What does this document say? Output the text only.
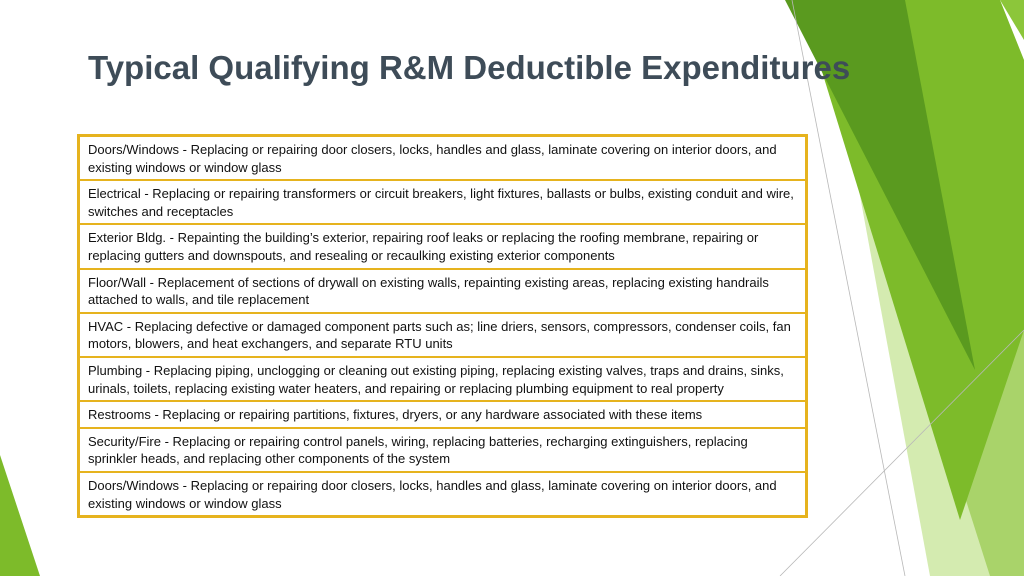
Typical Qualifying R&M Deductible Expenditures
Doors/Windows - Replacing or repairing door closers, locks, handles and glass, laminate covering on interior doors, and existing windows or window glass
Electrical - Replacing or repairing transformers or circuit breakers, light fixtures, ballasts or bulbs, existing conduit and wire, switches and receptacles
Exterior Bldg. - Repainting the building’s exterior, repairing roof leaks or replacing the roofing membrane, repairing or replacing gutters and downspouts, and resealing or recaulking existing exterior components
Floor/Wall - Replacement of sections of drywall on existing walls, repainting existing areas, replacing existing handrails attached to walls, and tile replacement
HVAC - Replacing defective or damaged component parts such as; line driers, sensors, compressors, condenser coils, fan motors, blowers, and heat exchangers, and separate RTU units
Plumbing - Replacing piping, unclogging or cleaning out existing piping, replacing existing valves, traps and drains, sinks, urinals, toilets, replacing existing water heaters, and repairing or replacing plumbing equipment to real property
Restrooms - Replacing or repairing partitions, fixtures, dryers, or any hardware associated with these items
Security/Fire - Replacing or repairing control panels, wiring, replacing batteries, recharging extinguishers, replacing sprinkler heads, and replacing other components of the system
Doors/Windows - Replacing or repairing door closers, locks, handles and glass, laminate covering on interior doors, and existing windows or window glass
